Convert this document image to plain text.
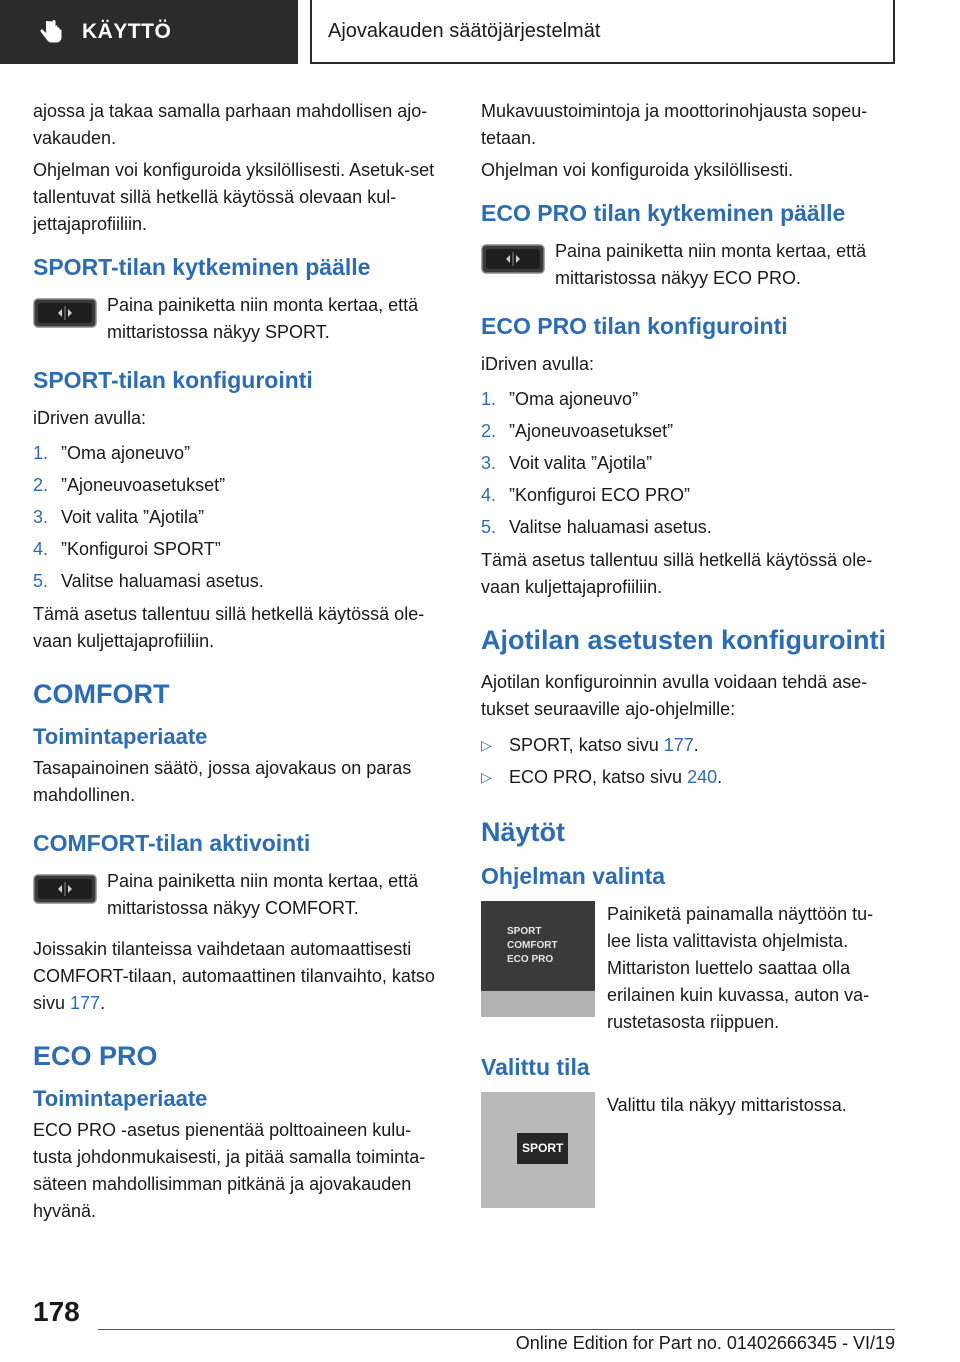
KÄYTTÖ	Ajovakauden säätöjärjestelmät

ajossa ja takaa samalla parhaan mahdollisen ajo-vakauden.

Ohjelman voi konfiguroida yksilöllisesti. Asetuk-set tallentuvat sillä hetkellä käytössä olevaan kul-jettajaprofiiliin.

SPORT-tilan kytkeminen päälle
Paina painiketta niin monta kertaa, että mittaristossa näkyy SPORT.
SPORT-tilan konfigurointi

iDriven avulla:

1. ”Oma ajoneuvo”
2. ”Ajoneuvoasetukset”
3. Voit valita ”Ajotila”
4. ”Konfiguroi SPORT”
5. Valitse haluamasi asetus.

Tämä asetus tallentuu sillä hetkellä käytössä ole-vaan kuljettajaprofiiliin.

COMFORT
Toimintaperiaate

Tasapainoinen säätö, jossa ajovakaus on paras mahdollinen.

COMFORT-tilan aktivointi
Paina painiketta niin monta kertaa, että mittaristossa näkyy COMFORT.

Joissakin tilanteissa vaihdetaan automaattisesti COMFORT-tilaan, automaattinen tilanvaihto, katso sivu 177.

ECO PRO
Toimintaperiaate

ECO PRO -asetus pienentää polttoaineen kulu-tusta johdonmukaisesti, ja pitää samalla toiminta-säteen mahdollisimman pitkänä ja ajovakauden hyvänä.

Mukavuustoimintoja ja moottorinohjausta sopeu-tetaan.

Ohjelman voi konfiguroida yksilöllisesti.

ECO PRO tilan kytkeminen päälle
Paina painiketta niin monta kertaa, että mittaristossa näkyy ECO PRO.
ECO PRO tilan konfigurointi

iDriven avulla:

1. ”Oma ajoneuvo”
2. ”Ajoneuvoasetukset”
3. Voit valita ”Ajotila”
4. ”Konfiguroi ECO PRO”
5. Valitse haluamasi asetus.

Tämä asetus tallentuu sillä hetkellä käytössä ole-vaan kuljettajaprofiiliin.

Ajotilan asetusten konfigurointi

Ajotilan konfiguroinnin avulla voidaan tehdä ase-tukset seuraaville ajo-ohjelmille:

▷ SPORT, katso sivu 177.
▷ ECO PRO, katso sivu 240.
Näytöt
Ohjelman valinta
SPORT
COMFORT
ECO PRO
Painiketä painamalla näyttöön tu-lee lista valittavista ohjelmista. Mittariston luettelo saattaa olla erilainen kuin kuvassa, auton va-rustetasosta riippuen.
Valittu tila
SPORT
Valittu tila näkyy mittaristossa.
178
Online Edition for Part no. 01402666345 - VI/19
